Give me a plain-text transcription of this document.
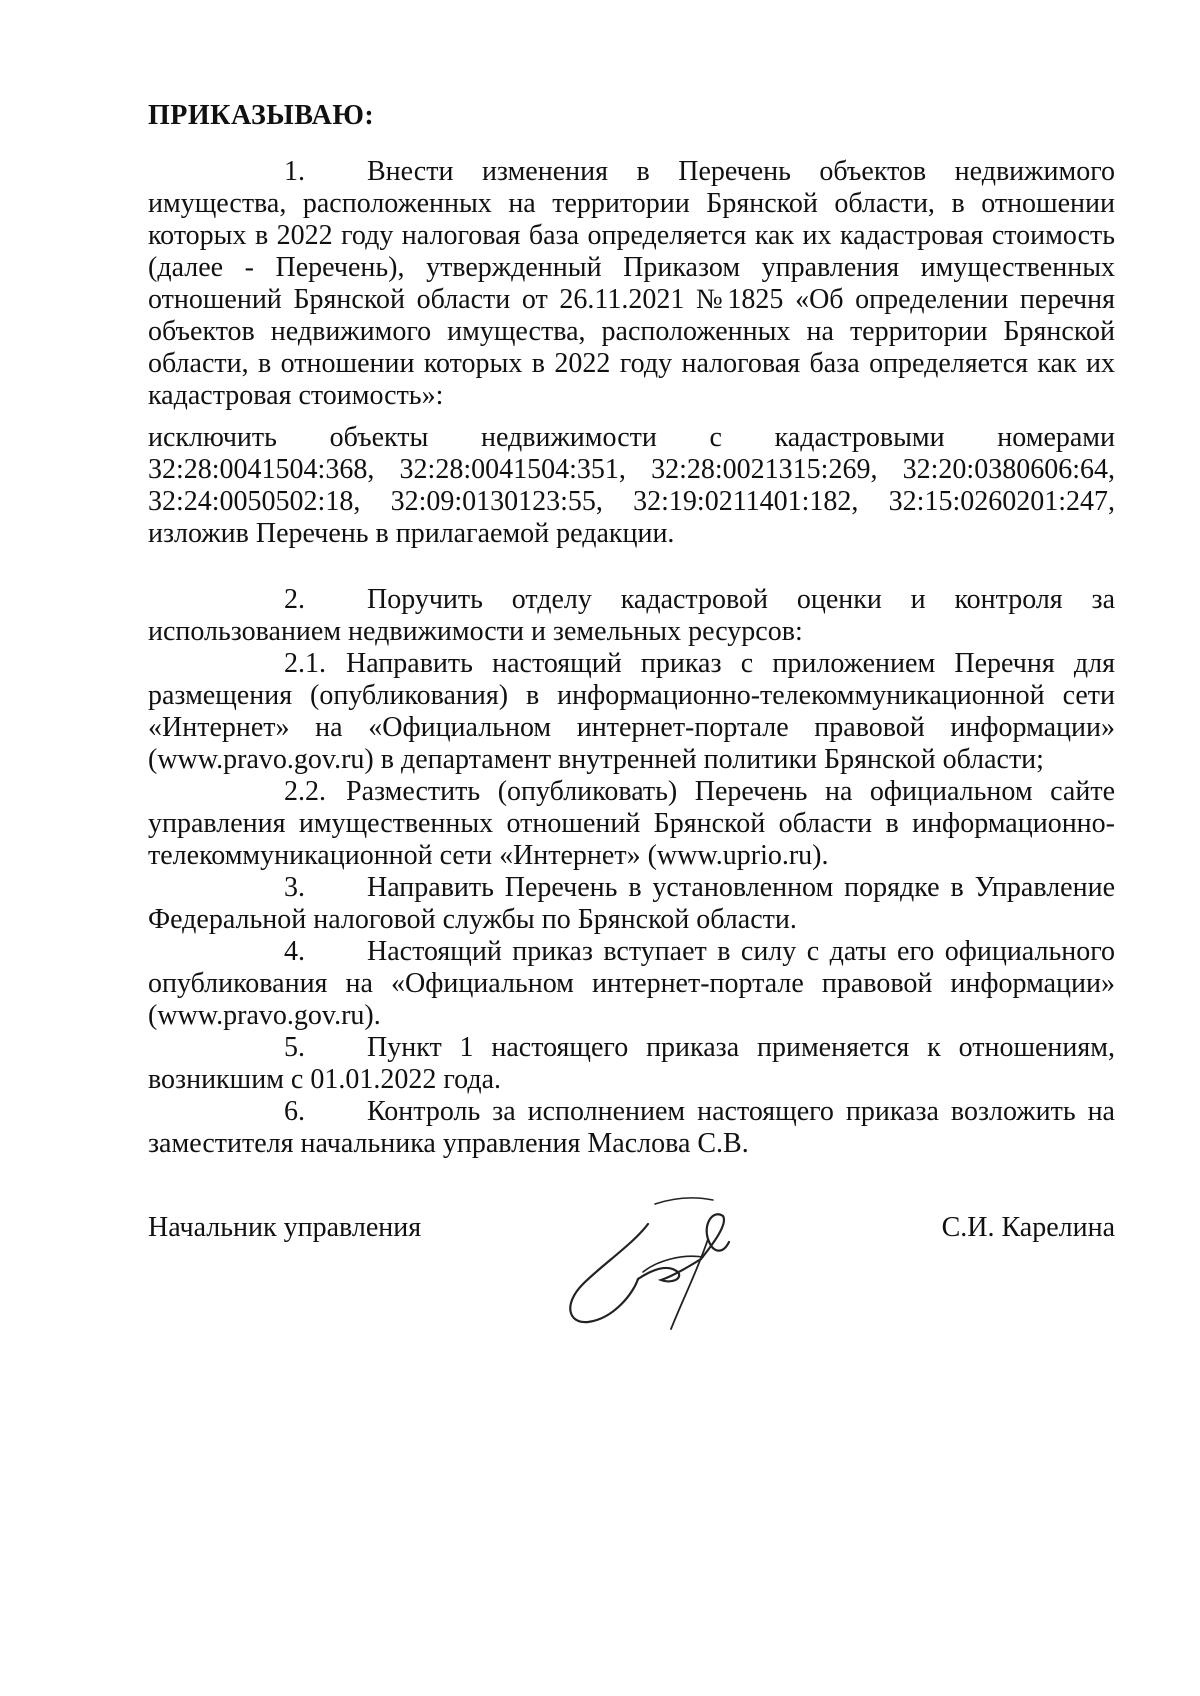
ПРИКАЗЫВАЮ:

1. Внести изменения в Перечень объектов недвижимого имущества, расположенных на территории Брянской области, в отношении которых в 2022 году налоговая база определяется как их кадастровая стоимость (далее - Перечень), утвержденный Приказом управления имущественных отношений Брянской области от 26.11.2021 №1825 «Об определении перечня объектов недвижимого имущества, расположенных на территории Брянской области, в отношении которых в 2022 году налоговая база определяется как их кадастровая стоимость»:

исключить объекты недвижимости с кадастровыми номерами 32:28:0041504:368, 32:28:0041504:351, 32:28:0021315:269, 32:20:0380606:64, 32:24:0050502:18, 32:09:0130123:55, 32:19:0211401:182, 32:15:0260201:247, изложив Перечень в прилагаемой редакции.

2. Поручить отделу кадастровой оценки и контроля за использованием недвижимости и земельных ресурсов:

2.1. Направить настоящий приказ с приложением Перечня для размещения (опубликования) в информационно-телекоммуникационной сети «Интернет» на «Официальном интернет-портале правовой информации» (www.pravo.gov.ru) в департамент внутренней политики Брянской области;

2.2. Разместить (опубликовать) Перечень на официальном сайте управления имущественных отношений Брянской области в информационно-телекоммуникационной сети «Интернет» (www.uprio.ru).

3. Направить Перечень в установленном порядке в Управление Федеральной налоговой службы по Брянской области.

4. Настоящий приказ вступает в силу с даты его официального опубликования на «Официальном интернет-портале правовой информации» (www.pravo.gov.ru).

5. Пункт 1 настоящего приказа применяется к отношениям, возникшим с 01.01.2022 года.

6. Контроль за исполнением настоящего приказа возложить на заместителя начальника управления Маслова С.В.

Начальник управления	С.И. Карелина
